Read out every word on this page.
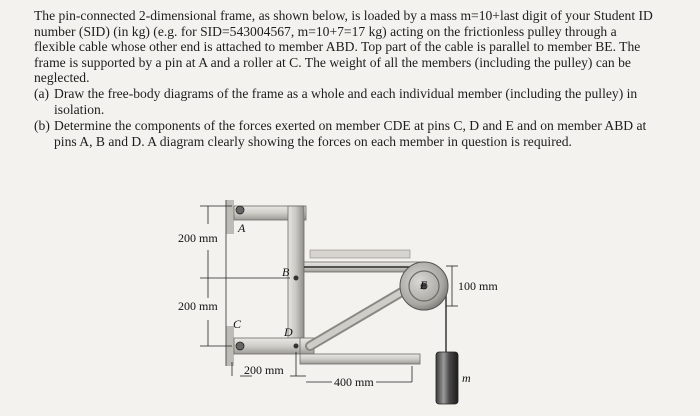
The pin-connected 2-dimensional frame, as shown below, is loaded by a mass m=10+last digit of your Student ID
number (SID) (in kg) (e.g. for SID=543004567, m=10+7=17 kg) acting on the frictionless pulley through a
flexible cable whose other end is attached to member ABD. Top part of the cable is parallel to member BE. The
frame is supported by a pin at A and a roller at C. The weight of all the members (including the pulley) can be
neglected.
(a) Draw the free-body diagrams of the frame as a whole and each individual member (including the pulley) in
isolation.
(b) Determine the components of the forces exerted on member CDE at pins C, D and E and on member ABD at
pins A, B and D. A diagram clearly showing the forces on each member in question is required.
200 mm
200 mm
200 mm
400 mm
100 mm
A
B
C
D
E
m
